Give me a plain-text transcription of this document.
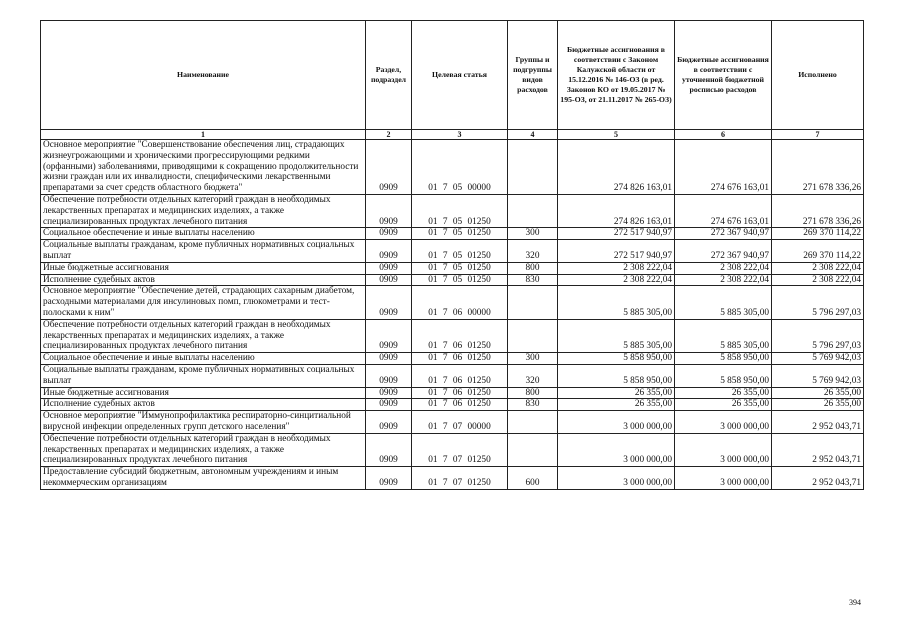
Наименование	Раздел, подраздел	Целевая статья	Группы и подгруппы видов расходов	Бюджетные ассигнования в соответствии с Законом Калужской области от 15.12.2016 № 146-ОЗ (в ред. Законов КО от 19.05.2017 № 195-ОЗ, от 21.11.2017 № 265-ОЗ)	Бюджетные ассигнования в соответствии с уточненной бюджетной росписью расходов	Исполнено
1	2	3	4	5	6	7
Основное мероприятие "Совершенствование обеспечения лиц, страдающих жизнеугрожающими и хроническими прогрессирующими редкими (орфанными) заболеваниями, приводящими к сокращению продолжительности жизни граждан или их инвалидности, специфическими лекарственными препаратами за счет средств областного бюджета"	0909	01 7 05 00000		274 826 163,01	274 676 163,01	271 678 336,26
Обеспечение потребности отдельных категорий граждан в необходимых лекарственных препаратах и медицинских изделиях, а также специализированных продуктах лечебного питания	0909	01 7 05 01250		274 826 163,01	274 676 163,01	271 678 336,26
Социальное обеспечение и иные выплаты населению	0909	01 7 05 01250	300	272 517 940,97	272 367 940,97	269 370 114,22
Социальные выплаты гражданам, кроме публичных нормативных социальных выплат	0909	01 7 05 01250	320	272 517 940,97	272 367 940,97	269 370 114,22
Иные бюджетные ассигнования	0909	01 7 05 01250	800	2 308 222,04	2 308 222,04	2 308 222,04
Исполнение судебных актов	0909	01 7 05 01250	830	2 308 222,04	2 308 222,04	2 308 222,04
Основное мероприятие "Обеспечение детей, страдающих сахарным диабетом, расходными материалами для инсулиновых помп, глюкометрами и тест-полосками к ним"	0909	01 7 06 00000		5 885 305,00	5 885 305,00	5 796 297,03
Обеспечение потребности отдельных категорий граждан в необходимых лекарственных препаратах и медицинских изделиях, а также специализированных продуктах лечебного питания	0909	01 7 06 01250		5 885 305,00	5 885 305,00	5 796 297,03
Социальное обеспечение и иные выплаты населению	0909	01 7 06 01250	300	5 858 950,00	5 858 950,00	5 769 942,03
Социальные выплаты гражданам, кроме публичных нормативных социальных выплат	0909	01 7 06 01250	320	5 858 950,00	5 858 950,00	5 769 942,03
Иные бюджетные ассигнования	0909	01 7 06 01250	800	26 355,00	26 355,00	26 355,00
Исполнение судебных актов	0909	01 7 06 01250	830	26 355,00	26 355,00	26 355,00
Основное мероприятие "Иммунопрофилактика респираторно-синцитиальной вирусной инфекции определенных групп детского населения"	0909	01 7 07 00000		3 000 000,00	3 000 000,00	2 952 043,71
Обеспечение потребности отдельных категорий граждан в необходимых лекарственных препаратах и медицинских изделиях, а также специализированных продуктах лечебного питания	0909	01 7 07 01250		3 000 000,00	3 000 000,00	2 952 043,71
Предоставление субсидий бюджетным, автономным учреждениям и иным некоммерческим организациям	0909	01 7 07 01250	600	3 000 000,00	3 000 000,00	2 952 043,71
394
